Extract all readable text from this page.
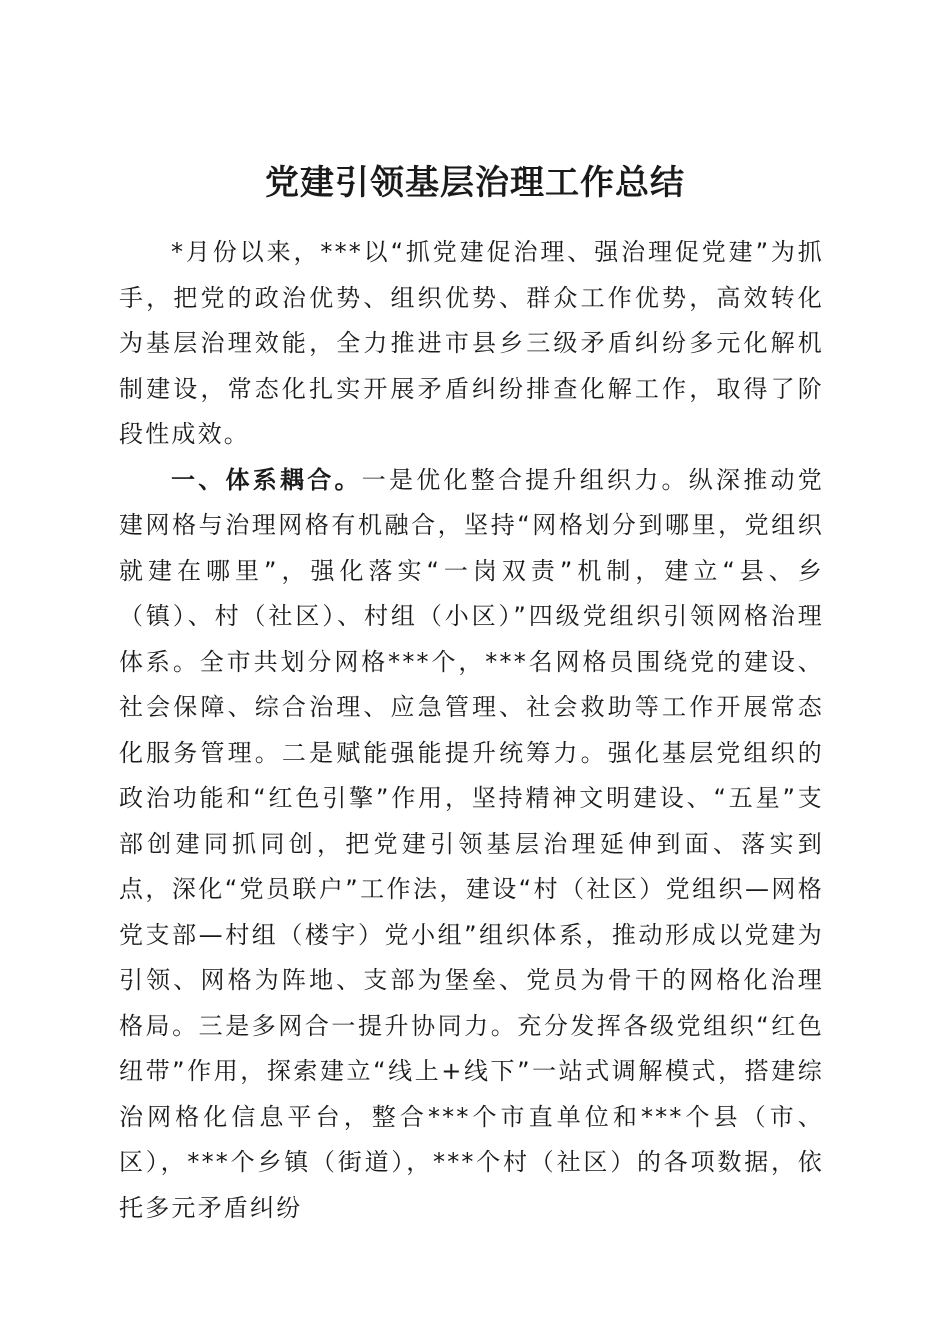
党建引领基层治理工作总结

*月份以来，***以“抓党建促治理、强治理促党建”为抓手，把党的政治优势、组织优势、群众工作优势，高效转化为基层治理效能，全力推进市县乡三级矛盾纠纷多元化解机制建设，常态化扎实开展矛盾纠纷排查化解工作，取得了阶段性成效。

一、体系耦合。一是优化整合提升组织力。纵深推动党建网格与治理网格有机融合，坚持“网格划分到哪里，党组织就建在哪里”，强化落实“一岗双责”机制，建立“县、乡（镇）、村（社区）、村组（小区）”四级党组织引领网格治理体系。全市共划分网格***个，***名网格员围绕党的建设、社会保障、综合治理、应急管理、社会救助等工作开展常态化服务管理。二是赋能强能提升统筹力。强化基层党组织的政治功能和“红色引擎”作用，坚持精神文明建设、“五星”支部创建同抓同创，把党建引领基层治理延伸到面、落实到点，深化“党员联户”工作法，建设“村（社区）党组织—网格党支部—村组（楼宇）党小组”组织体系，推动形成以党建为引领、网格为阵地、支部为堡垒、党员为骨干的网格化治理格局。三是多网合一提升协同力。充分发挥各级党组织“红色纽带”作用，探索建立“线上+线下”一站式调解模式，搭建综治网格化信息平台，整合***个市直单位和***个县（市、区），***个乡镇（街道），***个村（社区）的各项数据，依托多元矛盾纠纷
